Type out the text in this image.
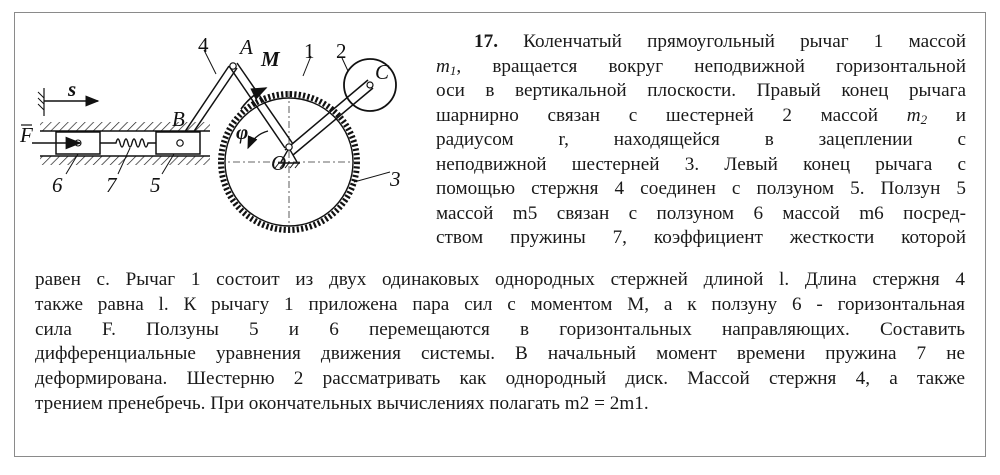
A M 1 2
C
4
s
F
B
φ
O
3
6 7 5
17. Коленчатый прямоугольный рычаг 1 массой
$m_1$, вращается вокруг неподвижной горизонтальной
оси в вертикальной плоскости. Правый конец рычага
шарнирно связан с шестерней 2 массой $m_2$ и
радиусом r, находящейся в зацеплении с
неподвижной шестерней 3. Левый конец рычага с
помощью стержня 4 соединен с ползуном 5. Ползун 5
массой m5 связан с ползуном 6 массой m6 посред-
ством пружины 7, коэффициент жесткости которой
равен c. Рычаг 1 состоит из двух одинаковых однородных стержней длиной l. Длина стержня 4
также равна l. К рычагу 1 приложена пара сил с моментом M, а к ползуну 6 - горизонтальная
сила F. Ползуны 5 и 6 перемещаются в горизонтальных направляющих. Составить
дифференциальные уравнения движения системы. В начальный момент времени пружина 7 не
деформирована. Шестерню 2 рассматривать как однородный диск. Массой стержня 4, а также
трением пренебречь. При окончательных вычислениях полагать m2 = 2m1.
